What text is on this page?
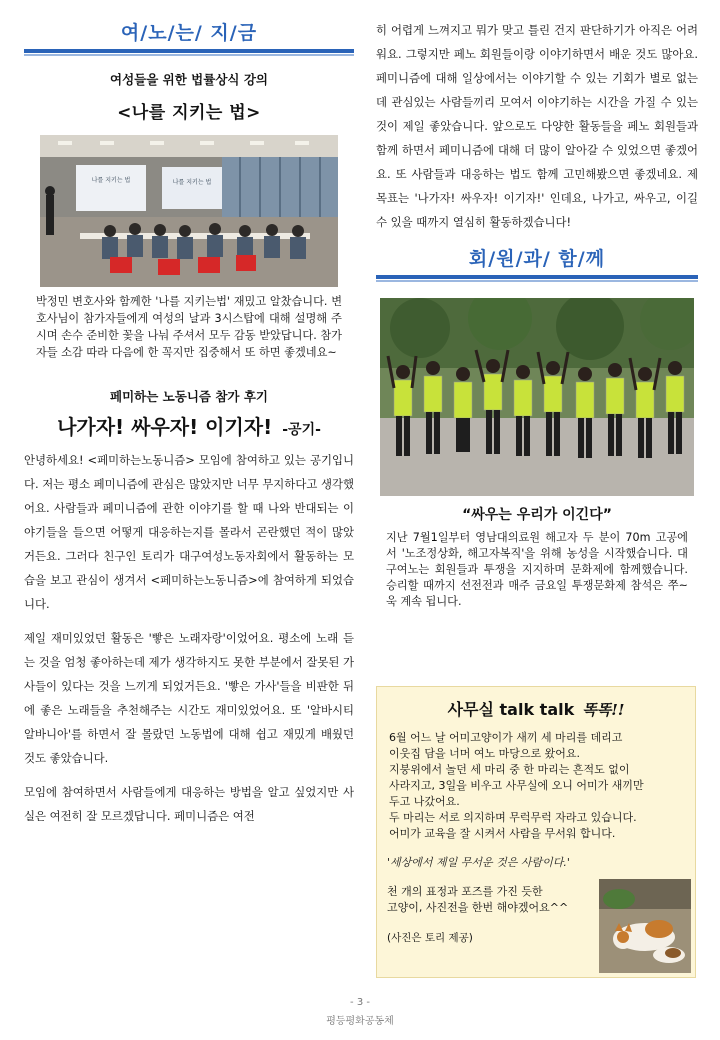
여/노/는/ 지/금
여성들을 위한 법률상식 강의
<나를 지키는 법>
나를 지키는 법	나를 지키는 법
박정민 변호사와 함께한 '나를 지키는법' 재밌고 알찼습니다. 변호사님이 참가자들에게 여성의 날과 3시스탑에 대해 설명해 주시며 손수 준비한 꽃을 나눠 주셔서 모두 감동 받았답니다. 참가자들 소감 따라 다음에 한 꼭지만 집중해서 또 하면 좋겠네요~
페미하는 노동니즘 참가 후기
나가자! 싸우자! 이기자! -공기-

안녕하세요! <페미하는노동니즘> 모임에 참여하고 있는 공기입니다. 저는 평소 페미니즘에 관심은 많았지만 너무 무지하다고 생각했어요. 사람들과 페미니즘에 관한 이야기를 할 때 나와 반대되는 이야기들을 들으면 어떻게 대응하는지를 몰라서 곤란했던 적이 많았거든요. 그러다 친구인 토리가 대구여성노동자회에서 활동하는 모습을 보고 관심이 생겨서 <페미하는노동니즘>에 참여하게 되었습니다.

제일 재미있었던 활동은 '빻은 노래자랑'이었어요. 평소에 노래 듣는 것을 엄청 좋아하는데 제가 생각하지도 못한 부분에서 잘못된 가사들이 있다는 것을 느끼게 되었거든요. '빻은 가사'들을 비판한 뒤에 좋은 노래들을 추천해주는 시간도 재미있었어요. 또 '알바시티 알바니아'를 하면서 잘 몰랐던 노동법에 대해 쉽고 재밌게 배웠던 것도 좋았습니다.

모임에 참여하면서 사람들에게 대응하는 방법을 알고 싶었지만 사실은 여전히 잘 모르겠답니다. 페미니즘은 여전

히 어렵게 느껴지고 뭐가 맞고 틀린 건지 판단하기가 아직은 어려워요. 그렇지만 페노 회원들이랑 이야기하면서 배운 것도 많아요. 페미니즘에 대해 일상에서는 이야기할 수 있는 기회가 별로 없는데 관심있는 사람들끼리 모여서 이야기하는 시간을 가질 수 있는 것이 제일 좋았습니다. 앞으로도 다양한 활동들을 페노 회원들과 함께 하면서 페미니즘에 대해 더 많이 알아갈 수 있었으면 좋겠어요. 또 사람들과 대응하는 법도 함께 고민해봤으면 좋겠네요. 제 목표는 '나가자! 싸우자! 이기자!' 인데요, 나가고, 싸우고, 이길 수 있을 때까지 열심히 활동하겠습니다!

회/원/과/ 함/께
“싸우는 우리가 이긴다”
지난 7월1일부터 영남대의료원 해고자 두 분이 70m 고공에서 '노조정상화, 해고자복직'을 위해 농성을 시작했습니다. 대구여노는 회원들과 투쟁을 지지하며 문화제에 함께했습니다. 승리할 때까지 선전전과 매주 금요일 투쟁문화제 참석은 쭈~욱 계속 됩니다.
사무실 talk talk 똑똑!!
6월 어느 날 어미고양이가 새끼 세 마리를 데리고
이웃집 담을 너머 여노 마당으로 왔어요.
지붕위에서 놀던 세 마리 중 한 마리는 흔적도 없이
사라지고, 3일을 비우고 사무실에 오니 어미가 새끼만
두고 나갔어요.
두 마리는 서로 의지하며 무럭무럭 자라고 있습니다.
어미가 교육을 잘 시켜서 사람을 무서워 합니다.
'세상에서 제일 무서운 것은 사람이다.'
천 개의 표정과 포즈를 가진 듯한
고양이, 사진전을 한번 해야겠어요^^
(사진은 토리 제공)
- 3 -
평등평화공동체
